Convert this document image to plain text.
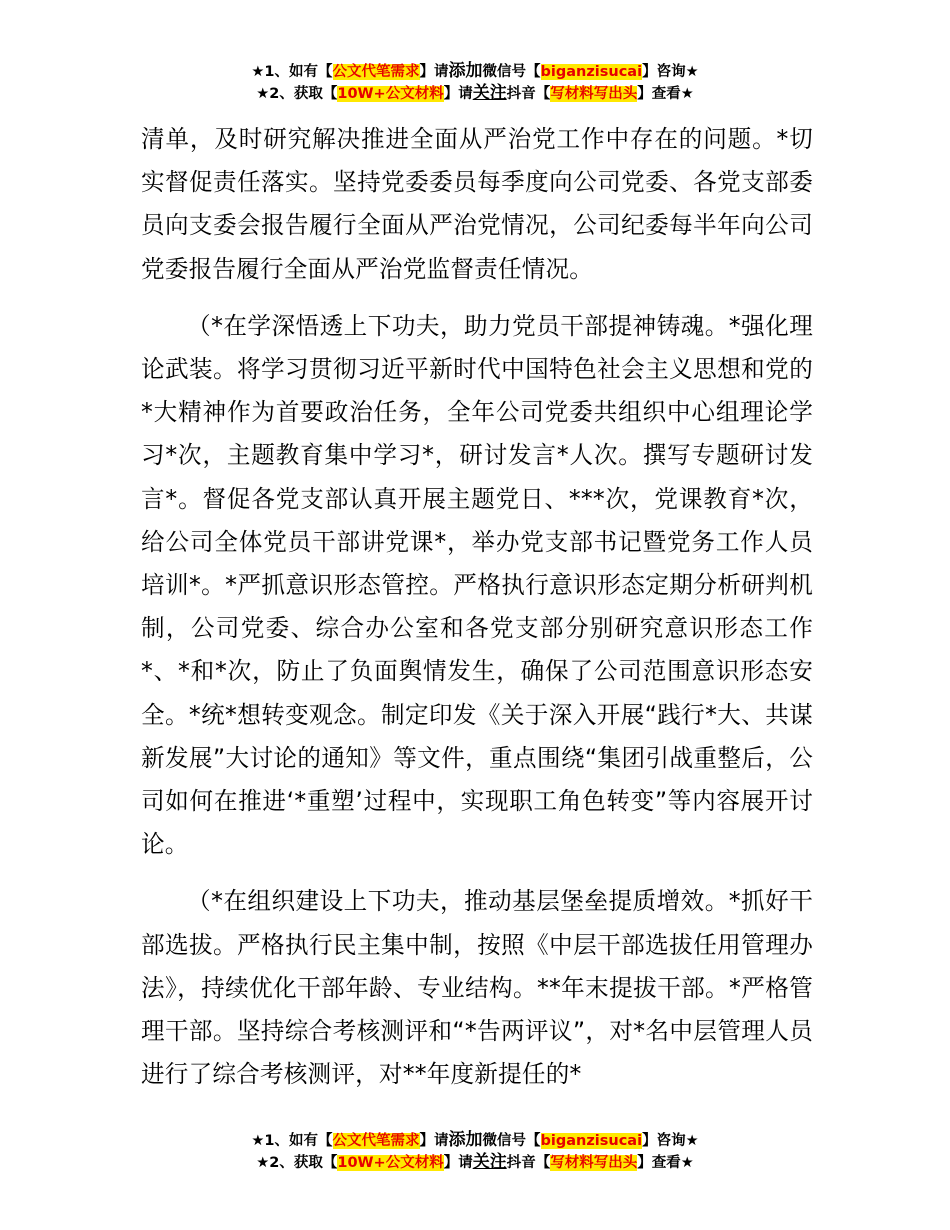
★1、如有【公文代笔需求】请添加微信号【biganzisucai】咨询★
★2、获取【10W+公文材料】请关注抖音【写材料写出头】查看★

清单，及时研究解决推进全面从严治党工作中存在的问题。*切实督促责任落实。坚持党委委员每季度向公司党委、各党支部委员向支委会报告履行全面从严治党情况，公司纪委每半年向公司党委报告履行全面从严治党监督责任情况。

（*在学深悟透上下功夫，助力党员干部提神铸魂。*强化理论武装。将学习贯彻习近平新时代中国特色社会主义思想和党的*大精神作为首要政治任务，全年公司党委共组织中心组理论学习*次，主题教育集中学习*，研讨发言*人次。撰写专题研讨发言*。督促各党支部认真开展主题党日、***次，党课教育*次，给公司全体党员干部讲党课*，举办党支部书记暨党务工作人员培训*。*严抓意识形态管控。严格执行意识形态定期分析研判机制，公司党委、综合办公室和各党支部分别研究意识形态工作*、*和*次，防止了负面舆情发生，确保了公司范围意识形态安全。*统*想转变观念。制定印发《关于深入开展“践行*大、共谋新发展”大讨论的通知》等文件，重点围绕“集团引战重整后，公司如何在推进‘*重塑’过程中，实现职工角色转变”等内容展开讨论。

（*在组织建设上下功夫，推动基层堡垒提质增效。*抓好干部选拔。严格执行民主集中制，按照《中层干部选拔任用管理办法》，持续优化干部年龄、专业结构。**年末提拔干部。*严格管理干部。坚持综合考核测评和“*告两评议”，对*名中层管理人员进行了综合考核测评，对**年度新提任的*

★1、如有【公文代笔需求】请添加微信号【biganzisucai】咨询★
★2、获取【10W+公文材料】请关注抖音【写材料写出头】查看★
